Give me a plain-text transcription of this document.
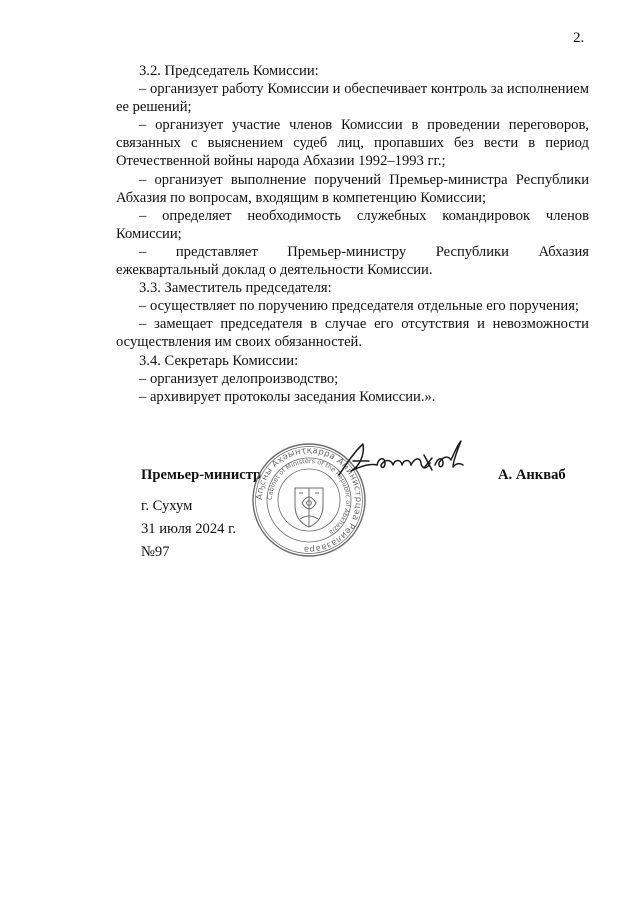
2.

3.2. Председатель Комиссии:

– организует работу Комиссии и обеспечивает контроль за исполнением ее решений;

– организует участие членов Комиссии в проведении переговоров, связанных с выяснением судеб лиц, пропавших без вести в период Отечественной войны народа Абхазии 1992–1993 гг.;

– организует выполнение поручений Премьер-министра Республики Абхазия по вопросам, входящим в компетенцию Комиссии;

– определяет необходимость служебных командировок членов Комиссии;

– представляет Премьер-министру Республики Абхазия ежеквартальный доклад о деятельности Комиссии.

3.3. Заместитель председателя:

– осуществляет по поручению председателя отдельные его поручения;

– замещает председателя в случае его отсутствия и невозможности осуществления им своих обязанностей.

3.4. Секретарь Комиссии:

– организует делопроизводство;

– архивирует протоколы заседания Комиссии.».

Премьер-министр
Аҧсны Аҳәынҭқарра Аминистрцәа Реилазаара
Cabinet of Ministers of the Republic of Abkhazia
А. Анкваб
г. Сухум
31 июля 2024 г.
№97
